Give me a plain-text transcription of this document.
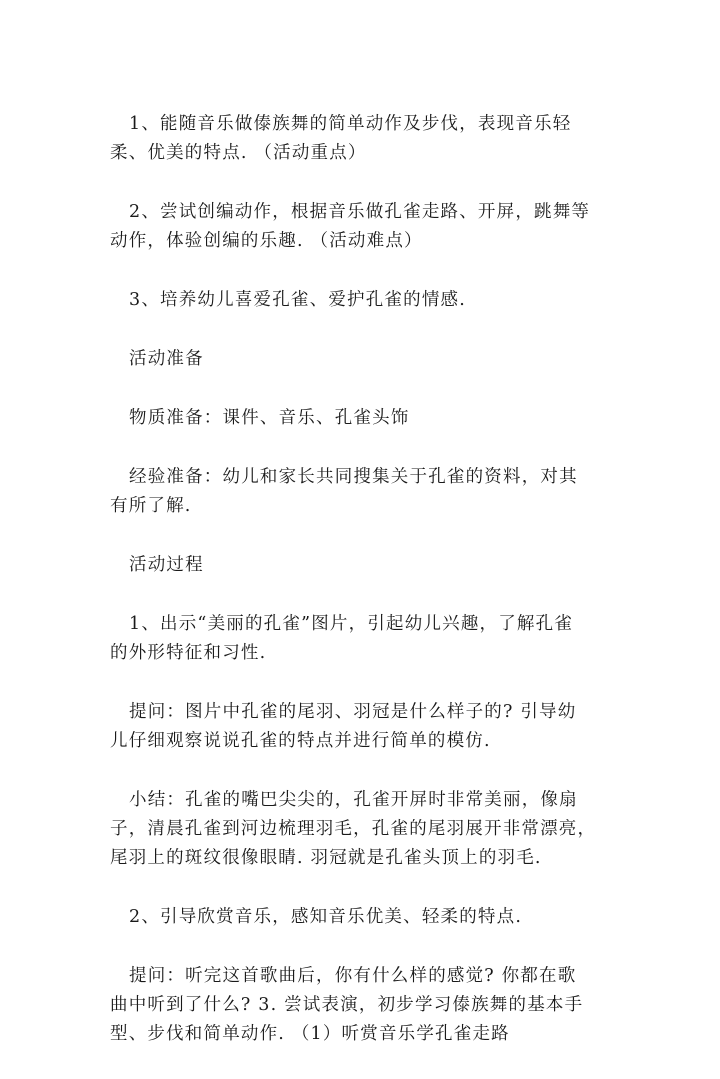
1、能随音乐做傣族舞的简单动作及步伐，表现音乐轻
柔、优美的特点. （活动重点）

2、尝试创编动作，根据音乐做孔雀走路、开屏，跳舞等
动作，体验创编的乐趣. （活动难点）

3、培养幼儿喜爱孔雀、爱护孔雀的情感.

活动准备

物质准备：课件、音乐、孔雀头饰

经验准备：幼儿和家长共同搜集关于孔雀的资料，对其
有所了解.

活动过程

1、出示“美丽的孔雀”图片，引起幼儿兴趣，了解孔雀
的外形特征和习性.

提问：图片中孔雀的尾羽、羽冠是什么样子的? 引导幼
儿仔细观察说说孔雀的特点并进行简单的模仿.

小结：孔雀的嘴巴尖尖的，孔雀开屏时非常美丽，像扇
子，清晨孔雀到河边梳理羽毛，孔雀的尾羽展开非常漂亮，
尾羽上的斑纹很像眼睛. 羽冠就是孔雀头顶上的羽毛.

2、引导欣赏音乐，感知音乐优美、轻柔的特点.

提问：听完这首歌曲后，你有什么样的感觉? 你都在歌
曲中听到了什么? 3. 尝试表演，初步学习傣族舞的基本手
型、步伐和简单动作. （1）听赏音乐学孔雀走路
